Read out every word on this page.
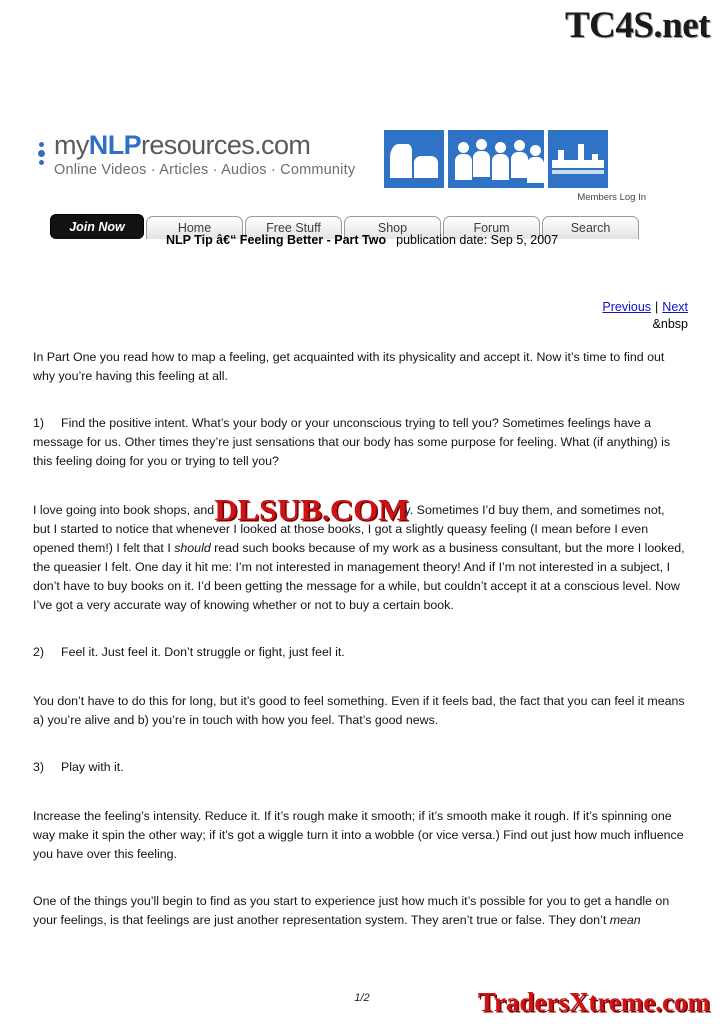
TC4S.net
myNLPresources.com
Online Videos · Articles · Audios · Community
Members Log In
Join Now	Home	Free Stuff	Shop	Forum	Search
NLP Tip â€“ Feeling Better - Part Two publication date: Sep 5, 2007
Previous | Next
&nbsp

In Part One you read how to map a feeling, get acquainted with its physicality and accept it. Now it’s time to find out why you’re having this feeling at all.

1) Find the positive intent. What’s your body or your unconscious trying to tell you? Sometimes feelings have a message for us. Other times they’re just sensations that our body has some purpose for feeling. What (if anything) is this feeling doing for you or trying to tell you?

I love going into book shops, and u	y. Sometimes I’d buy them, and sometimes not, but I started to notice that whenever I looked at those books, I got a slightly queasy feeling (I mean before I even opened them!) I felt that I should read such books because of my work as a business consultant, but the more I looked, the queasier I felt. One day it hit me: I’m not interested in management theory! And if I’m not interested in a subject, I don’t have to buy books on it. I’d been getting the message for a while, but couldn’t accept it at a conscious level. Now I’ve got a very accurate way of knowing whether or not to buy a certain book.

2) Feel it. Just feel it. Don’t struggle or fight, just feel it.

You don’t have to do this for long, but it’s good to feel something. Even if it feels bad, the fact that you can feel it means a) you’re alive and b) you’re in touch with how you feel. That’s good news.

3) Play with it.

Increase the feeling’s intensity. Reduce it. If it’s rough make it smooth; if it’s smooth make it rough. If it’s spinning one way make it spin the other way; if it’s got a wiggle turn it into a wobble (or vice versa.) Find out just how much influence you have over this feeling.

One of the things you’ll begin to find as you start to experience just how much it’s possible for you to get a handle on your feelings, is that feelings are just another representation system. They aren’t true or false. They don’t mean

DLSUB.COM
1/2	TradersXtreme.com
